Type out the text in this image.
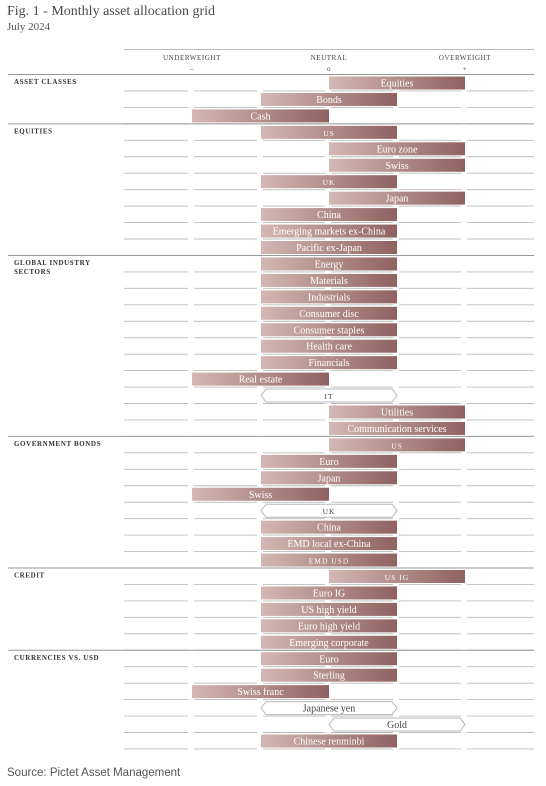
Fig. 1 - Monthly asset allocation grid
July 2024
UNDERWEIGHT
–
NEUTRAL
o
OVERWEIGHT
+
ASSET CLASSES
EQUITIES
GLOBAL INDUSTRY
SECTORS
GOVERNMENT BONDS
CREDIT
CURRENCIES VS. USD
Equities
Bonds
Cash
US
Euro zone
Swiss
UK
Japan
China
Emerging markets ex-China
Pacific ex-Japan
Energy
Materials
Industrials
Consumer disc
Consumer staples
Health care
Financials
Real estate
IT
Utilities
Communication services
US
Euro
Japan
Swiss
UK
China
EMD local ex-China
EMD USD
US IG
Euro IG
US high yield
Euro high yield
Emerging corporate
Euro
Sterling
Swiss franc
Japanese yen
Gold
Chinese renminbi
Source: Pictet Asset Management
